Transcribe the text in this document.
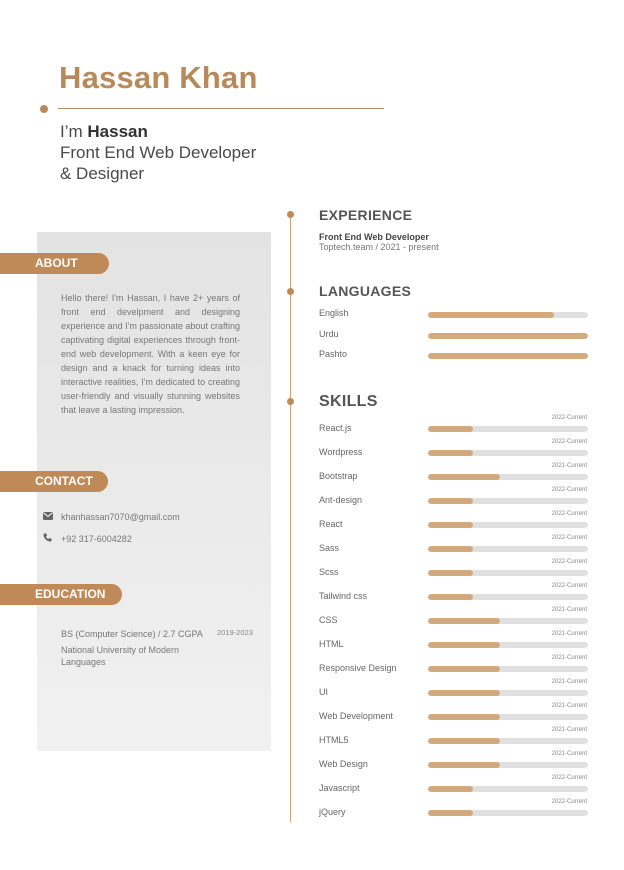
Hassan Khan
I’m Hassan
Front End Web Developer
& Designer
ABOUT
Hello there! I'm Hassan, I have 2+ years of front end develpment and designing experience and I'm passionate about crafting captivating digital experiences through front-end web development. With a keen eye for design and a knack for turning ideas into interactive realities, I'm dedicated to creating user-friendly and visually stunning websites that leave a lasting impression.
CONTACT
khanhassan7070@gmail.com
+92 317-6004282
EDUCATION
BS (Computer Science) / 2.7 CGPA
National University of Modern Languages
2019-2023
EXPERIENCE
Front End Web Developer
Toptech.team / 2021 - present
LANGUAGES
English
Urdu
Pashto
SKILLS
2022-Current
React.js
2022-Current
Wordpress
2021-Current
Bootstrap
2022-Current
Ant-design
2022-Current
React
2022-Current
Sass
2022-Current
Scss
2022-Current
Tailwind css
2021-Current
CSS
2021-Current
HTML
2021-Current
Responsive Design
2021-Current
UI
2021-Current
Web Development
2021-Current
HTML5
2021-Current
Web Design
2022-Current
Javascript
2022-Current
jQuery
